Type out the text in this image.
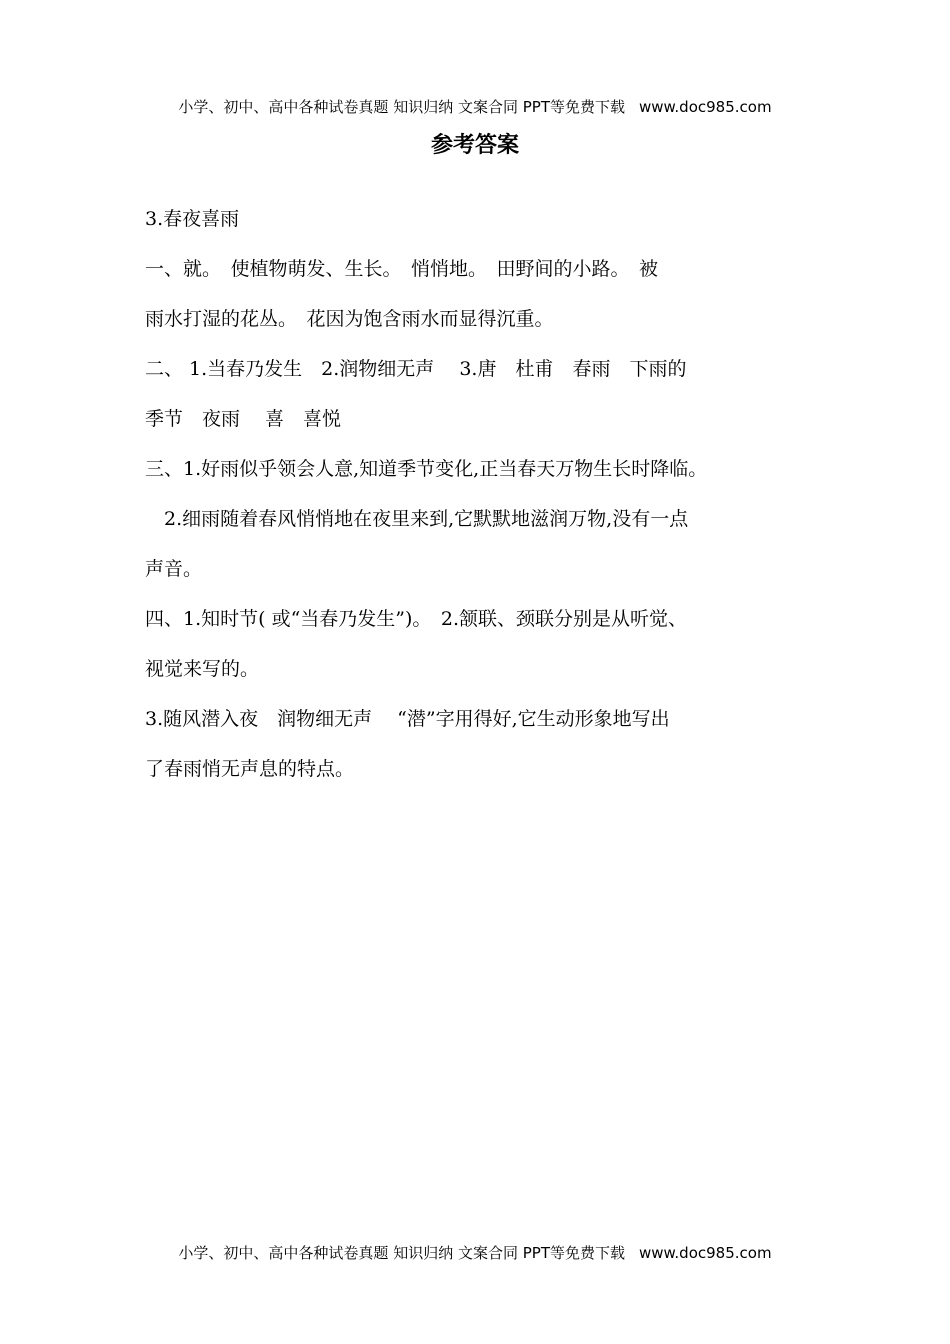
小学、初中、高中各种试卷真题 知识归纳 文案合同 PPT等免费下载 www.doc985.com
参考答案
3.春夜喜雨
一、就。　使植物萌发、生长。　悄悄地。　田野间的小路。　被
雨水打湿的花丛。　花因为饱含雨水而显得沉重。
二、 1.当春乃发生　2.润物细无声　 3.唐　杜甫　春雨　下雨的
季节　夜雨　 喜　喜悦
三、1.好雨似乎领会人意,知道季节变化,正当春天万物生长时降临。
　2.细雨随着春风悄悄地在夜里来到,它默默地滋润万物,没有一点
声音。
四、1.知时节( 或“当春乃发生”)。　2.颔联、颈联分别是从听觉、
视觉来写的。
3.随风潜入夜　润物细无声　 “潜”字用得好,它生动形象地写出
了春雨悄无声息的特点。
小学、初中、高中各种试卷真题 知识归纳 文案合同 PPT等免费下载 www.doc985.com
